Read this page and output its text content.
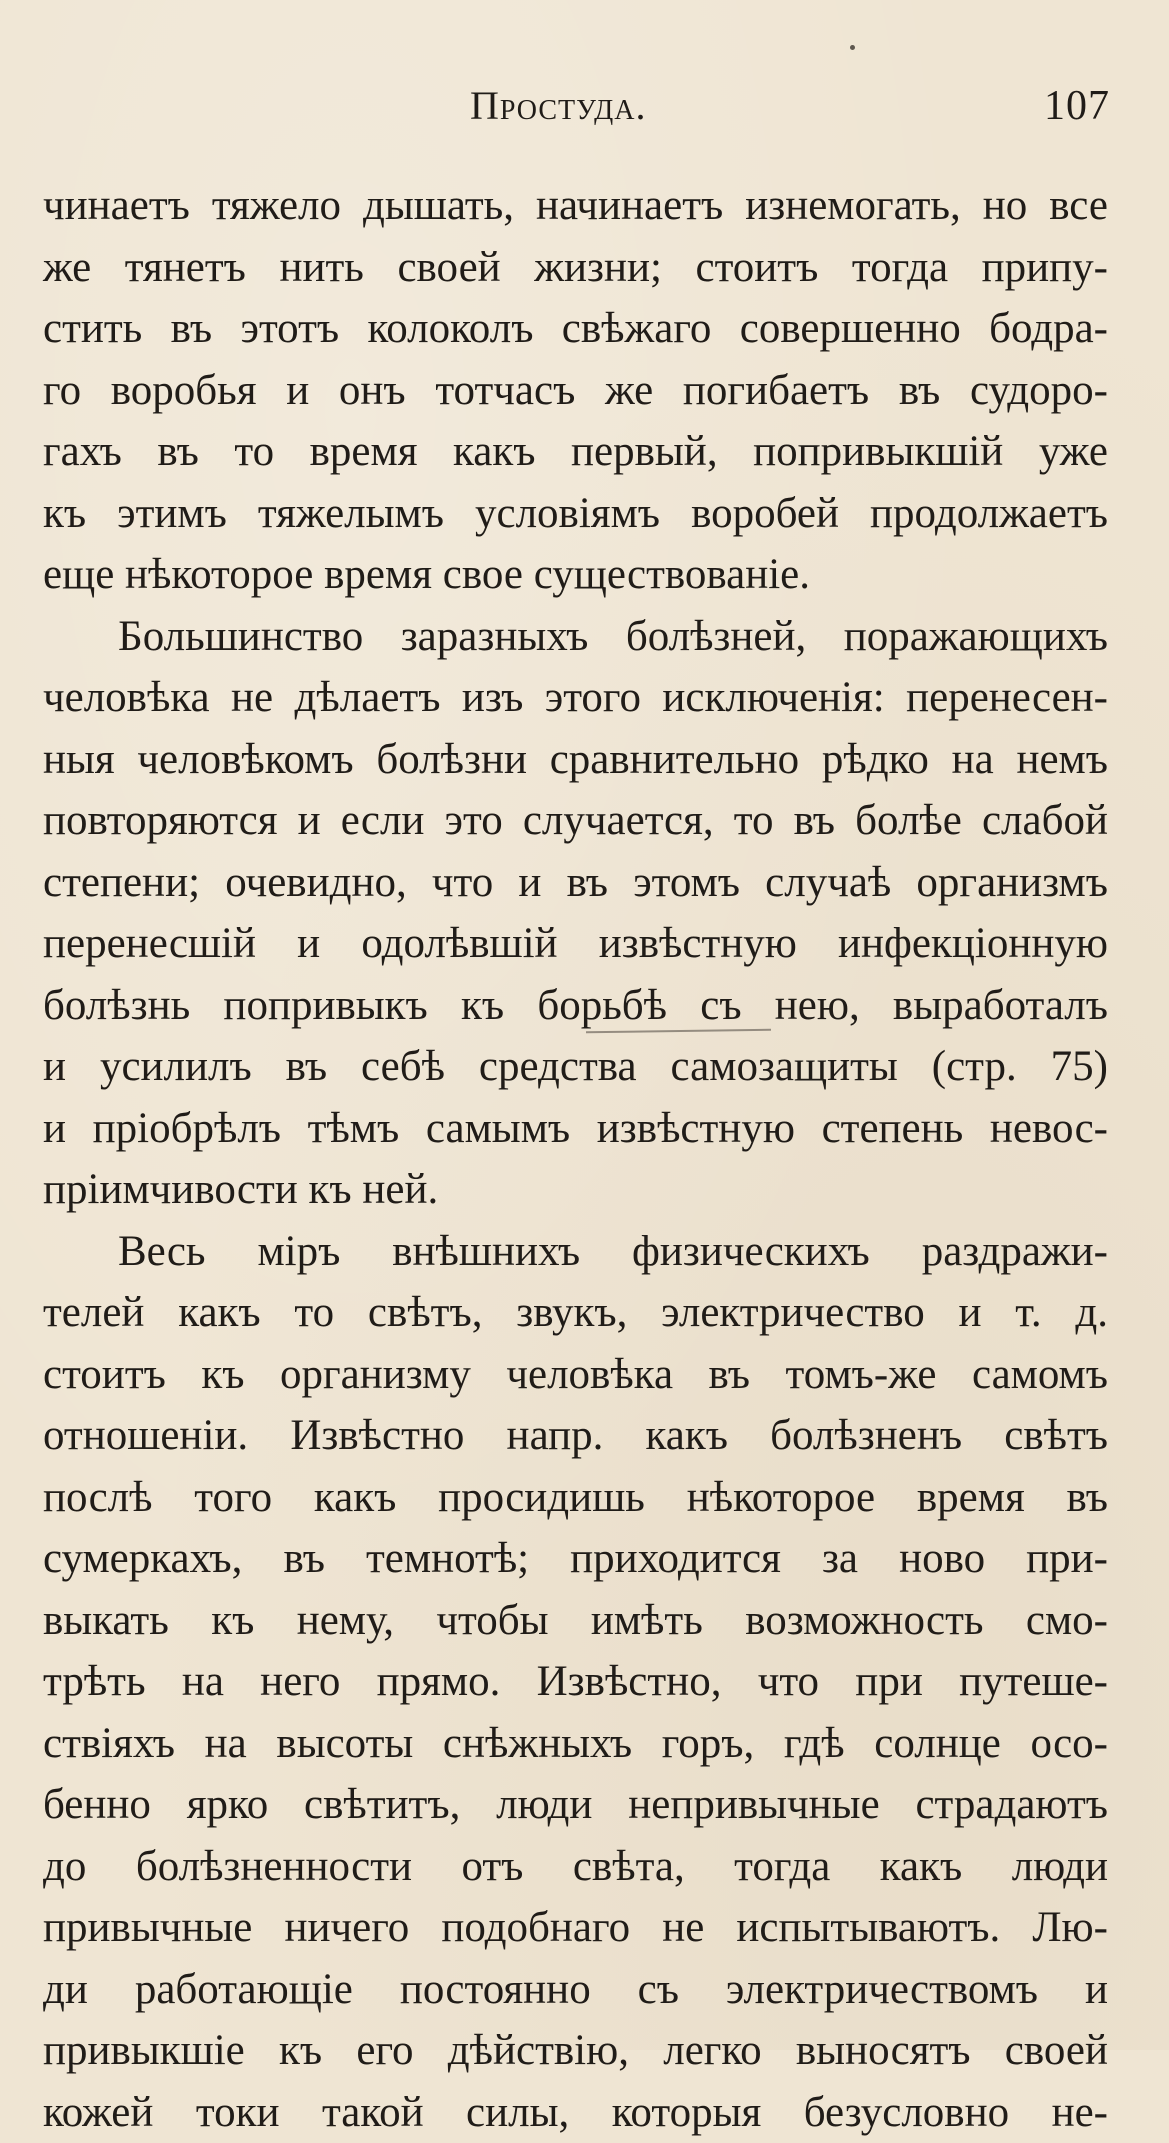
Простуда.	107
чинаетъ тяжело дышать, начинаетъ изнемогать, но все
же тянетъ нить своей жизни; стоитъ тогда припу-
стить въ этотъ колоколъ свѣжаго совершенно бодра-
го воробья и онъ тотчасъ же погибаетъ въ судоро-
гахъ въ то время какъ первый, попривыкшій уже
къ этимъ тяжелымъ условіямъ воробей продолжаетъ
еще нѣкоторое время свое существованіе.
Большинство заразныхъ болѣзней, поражающихъ
человѣка не дѣлаетъ изъ этого исключенія: перенесен-
ныя человѣкомъ болѣзни сравнительно рѣдко на немъ
повторяются и если это случается, то въ болѣе слабой
степени; очевидно, что и въ этомъ случаѣ организмъ
перенесшій и одолѣвшій извѣстную инфекціонную
болѣзнь попривыкъ къ борьбѣ съ нею, выработалъ
и усилилъ въ себѣ средства самозащиты (стр. 75)
и пріобрѣлъ тѣмъ самымъ извѣстную степень невос-
пріимчивости къ ней.
Весь міръ внѣшнихъ физическихъ раздражи-
телей какъ то свѣтъ, звукъ, электричество и т. д.
стоитъ къ организму человѣка въ томъ-же самомъ
отношеніи. Извѣстно напр. какъ болѣзненъ свѣтъ
послѣ того какъ просидишь нѣкоторое время въ
сумеркахъ, въ темнотѣ; приходится за ново при-
выкать къ нему, чтобы имѣть возможность смо-
трѣть на него прямо. Извѣстно, что при путеше-
ствіяхъ на высоты снѣжныхъ горъ, гдѣ солнце осо-
бенно ярко свѣтитъ, люди непривычные страдаютъ
до болѣзненности отъ свѣта, тогда какъ люди
привычные ничего подобнаго не испытываютъ. Лю-
ди работающіе постоянно съ электричествомъ и
привыкшіе къ его дѣйствію, легко выносятъ своей
кожей токи такой силы, которыя безусловно не-
